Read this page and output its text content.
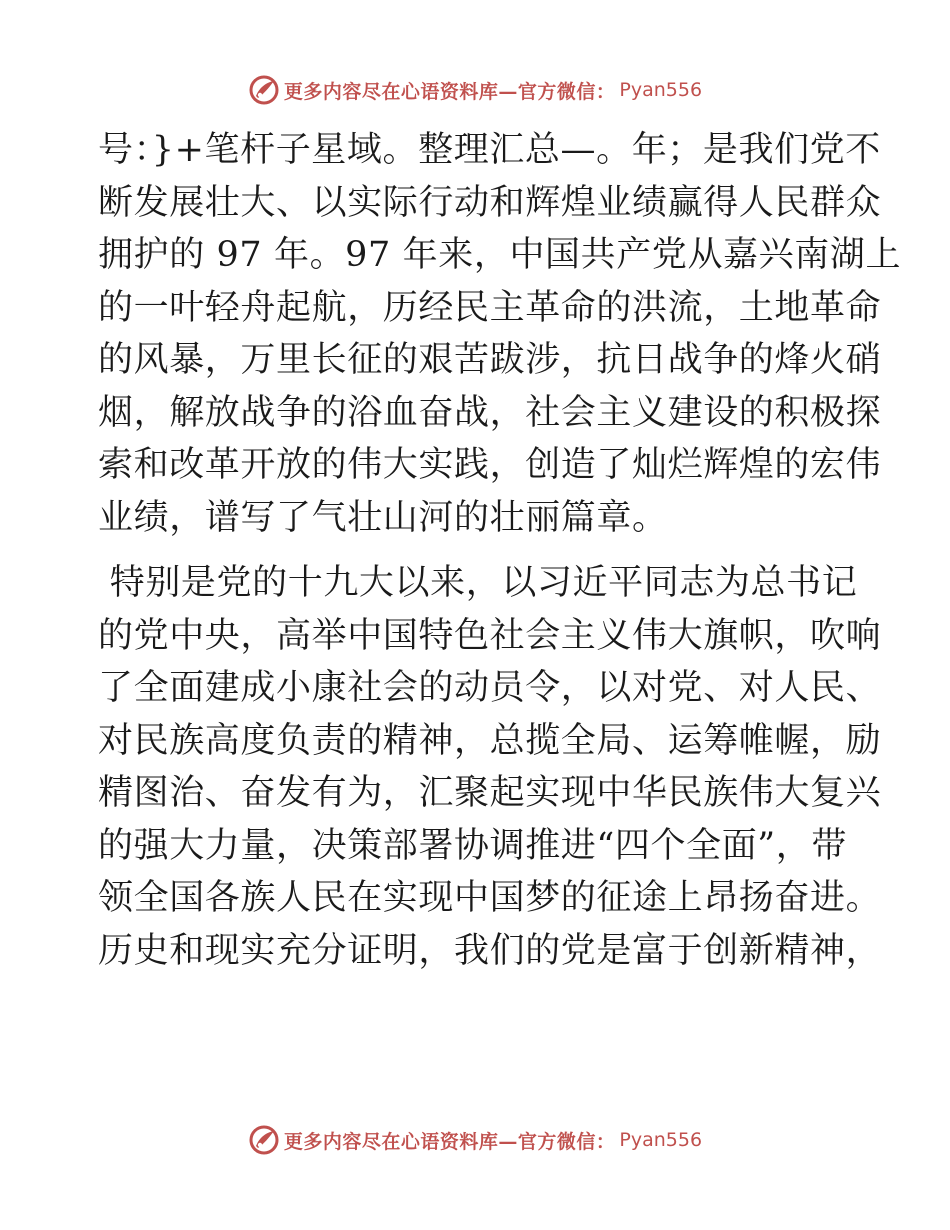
更多内容尽在心语资料库—官方微信： Pyan556
号：}+笔杆子星域。整理汇总—。年；是我们党不
断发展壮大、以实际行动和辉煌业绩赢得人民群众
拥护的 97 年。97 年来，中国共产党从嘉兴南湖上
的一叶轻舟起航，历经民主革命的洪流，土地革命
的风暴，万里长征的艰苦跋涉，抗日战争的烽火硝
烟，解放战争的浴血奋战，社会主义建设的积极探
索和改革开放的伟大实践，创造了灿烂辉煌的宏伟
业绩，谱写了气壮山河的壮丽篇章。
特别是党的十九大以来，以习近平同志为总书记
的党中央，高举中国特色社会主义伟大旗帜，吹响
了全面建成小康社会的动员令，以对党、对人民、
对民族高度负责的精神，总揽全局、运筹帷幄，励
精图治、奋发有为，汇聚起实现中华民族伟大复兴
的强大力量，决策部署协调推进“四个全面”，带
领全国各族人民在实现中国梦的征途上昂扬奋进。
历史和现实充分证明，我们的党是富于创新精神，
更多内容尽在心语资料库—官方微信： Pyan556
